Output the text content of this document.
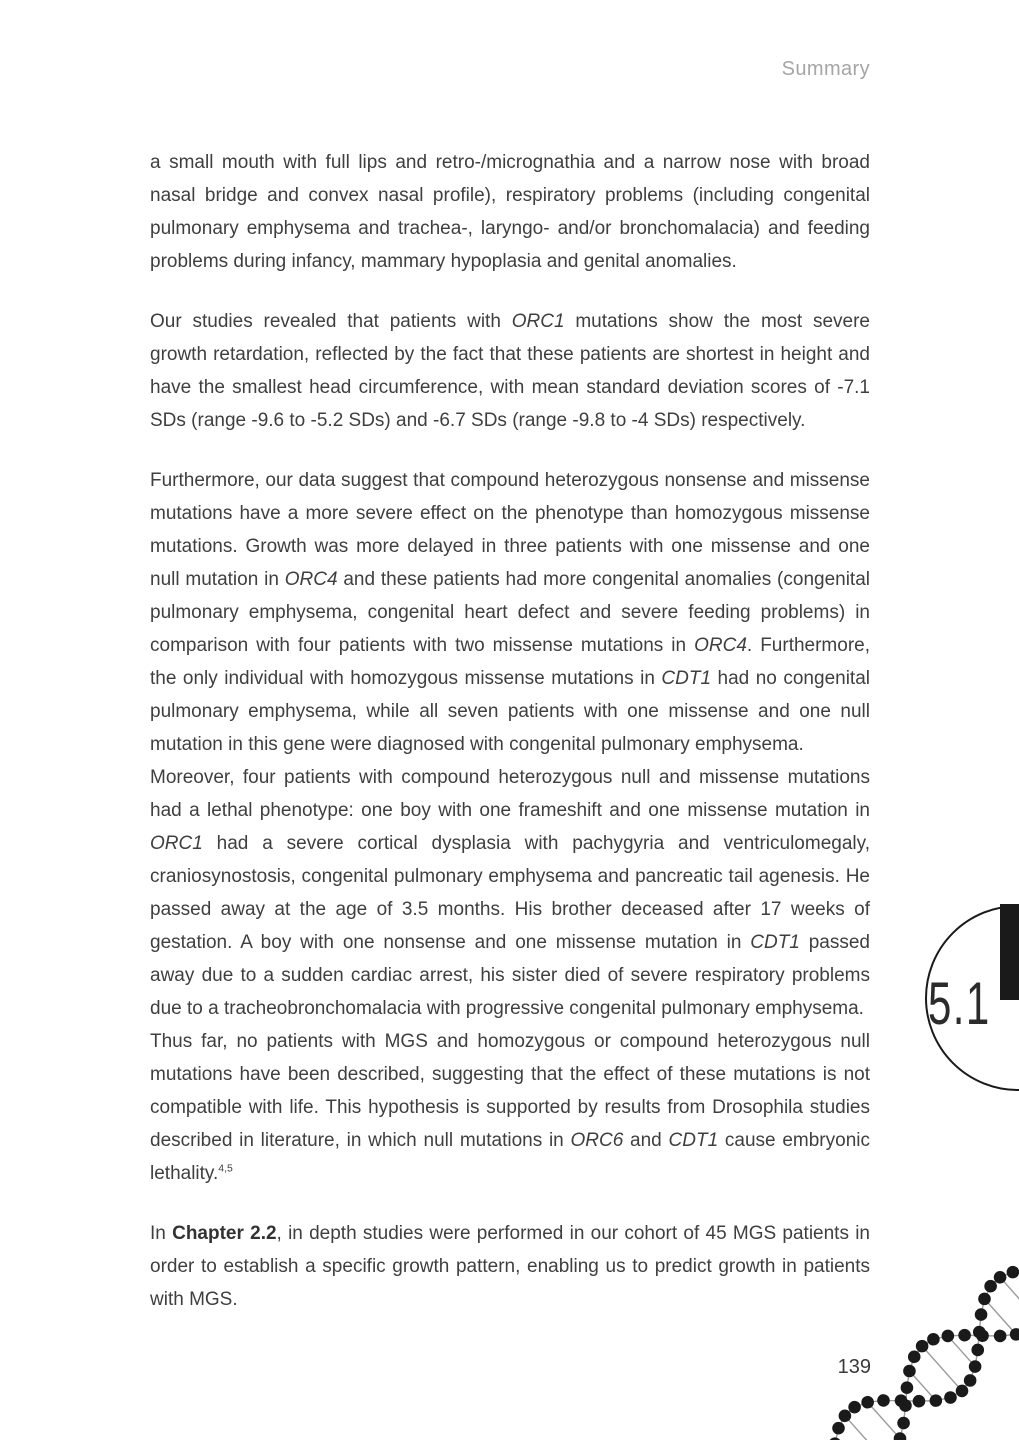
Summary

a small mouth with full lips and retro-/micrognathia and a narrow nose with broad nasal bridge and convex nasal profile), respiratory problems (including congenital pulmonary emphysema and trachea-, laryngo- and/or bronchomalacia) and feeding problems during infancy, mammary hypoplasia and genital anomalies.

Our studies revealed that patients with ORC1 mutations show the most severe growth retardation, reflected by the fact that these patients are shortest in height and have the smallest head circumference, with mean standard deviation scores of -7.1 SDs (range -9.6 to -5.2 SDs) and -6.7 SDs (range -9.8 to -4 SDs) respectively.

Furthermore, our data suggest that compound heterozygous nonsense and missense mutations have a more severe effect on the phenotype than homozygous missense mutations. Growth was more delayed in three patients with one missense and one null mutation in ORC4 and these patients had more congenital anomalies (congenital pulmonary emphysema, congenital heart defect and severe feeding problems) in comparison with four patients with two missense mutations in ORC4. Furthermore, the only individual with homozygous missense mutations in CDT1 had no congenital pulmonary emphysema, while all seven patients with one missense and one null mutation in this gene were diagnosed with congenital pulmonary emphysema.

Moreover, four patients with compound heterozygous null and missense mutations had a lethal phenotype: one boy with one frameshift and one missense mutation in ORC1 had a severe cortical dysplasia with pachygyria and ventriculomegaly, craniosynostosis, congenital pulmonary emphysema and pancreatic tail agenesis. He passed away at the age of 3.5 months. His brother deceased after 17 weeks of gestation. A boy with one nonsense and one missense mutation in CDT1 passed away due to a sudden cardiac arrest, his sister died of severe respiratory problems due to a tracheobronchomalacia with progressive congenital pulmonary emphysema.

Thus far, no patients with MGS and homozygous or compound heterozygous null mutations have been described, suggesting that the effect of these mutations is not compatible with life. This hypothesis is supported by results from Drosophila studies described in literature, in which null mutations in ORC6 and CDT1 cause embryonic lethality.$^{4,5}$

In Chapter 2.2, in depth studies were performed in our cohort of 45 MGS patients in order to establish a specific growth pattern, enabling us to predict growth in patients with MGS.

5.1
139
